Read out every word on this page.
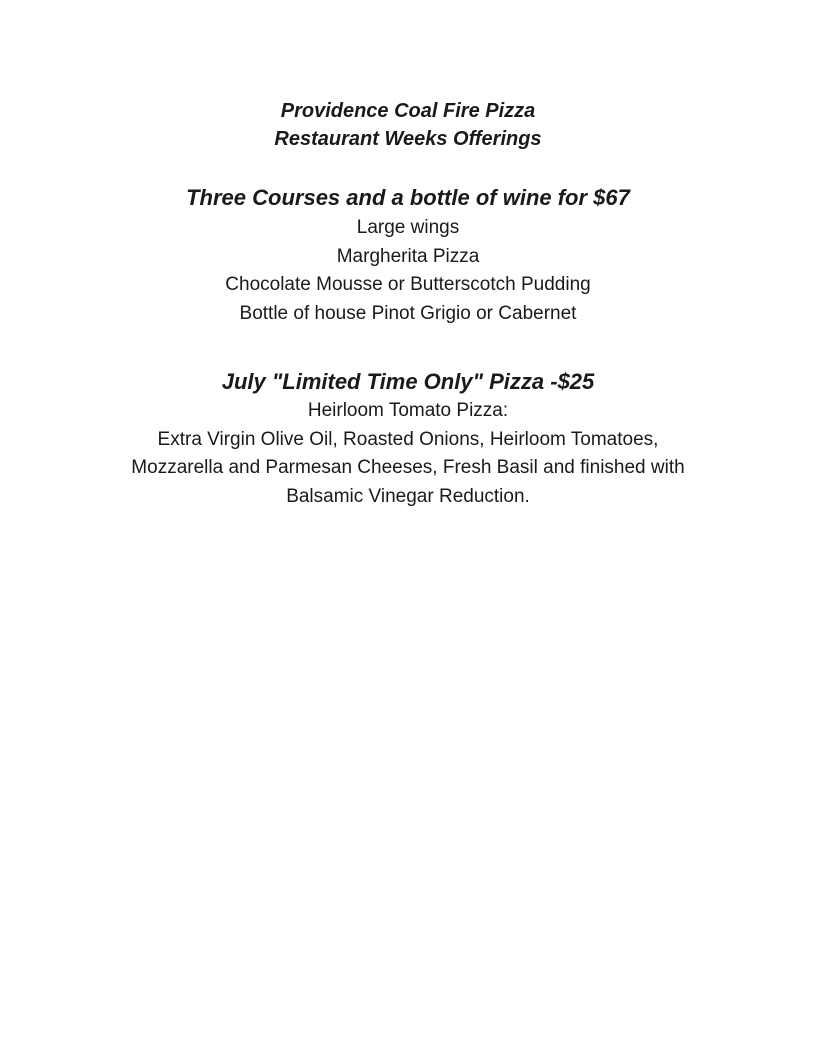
Providence Coal Fire Pizza
Restaurant Weeks Offerings
Three Courses and a bottle of wine for $67
Large wings
Margherita Pizza
Chocolate Mousse or Butterscotch Pudding
Bottle of house Pinot Grigio or Cabernet
July "Limited Time Only" Pizza -$25
Heirloom Tomato Pizza:
Extra Virgin Olive Oil, Roasted Onions, Heirloom Tomatoes,
Mozzarella and Parmesan Cheeses, Fresh Basil and finished with
Balsamic Vinegar Reduction.
